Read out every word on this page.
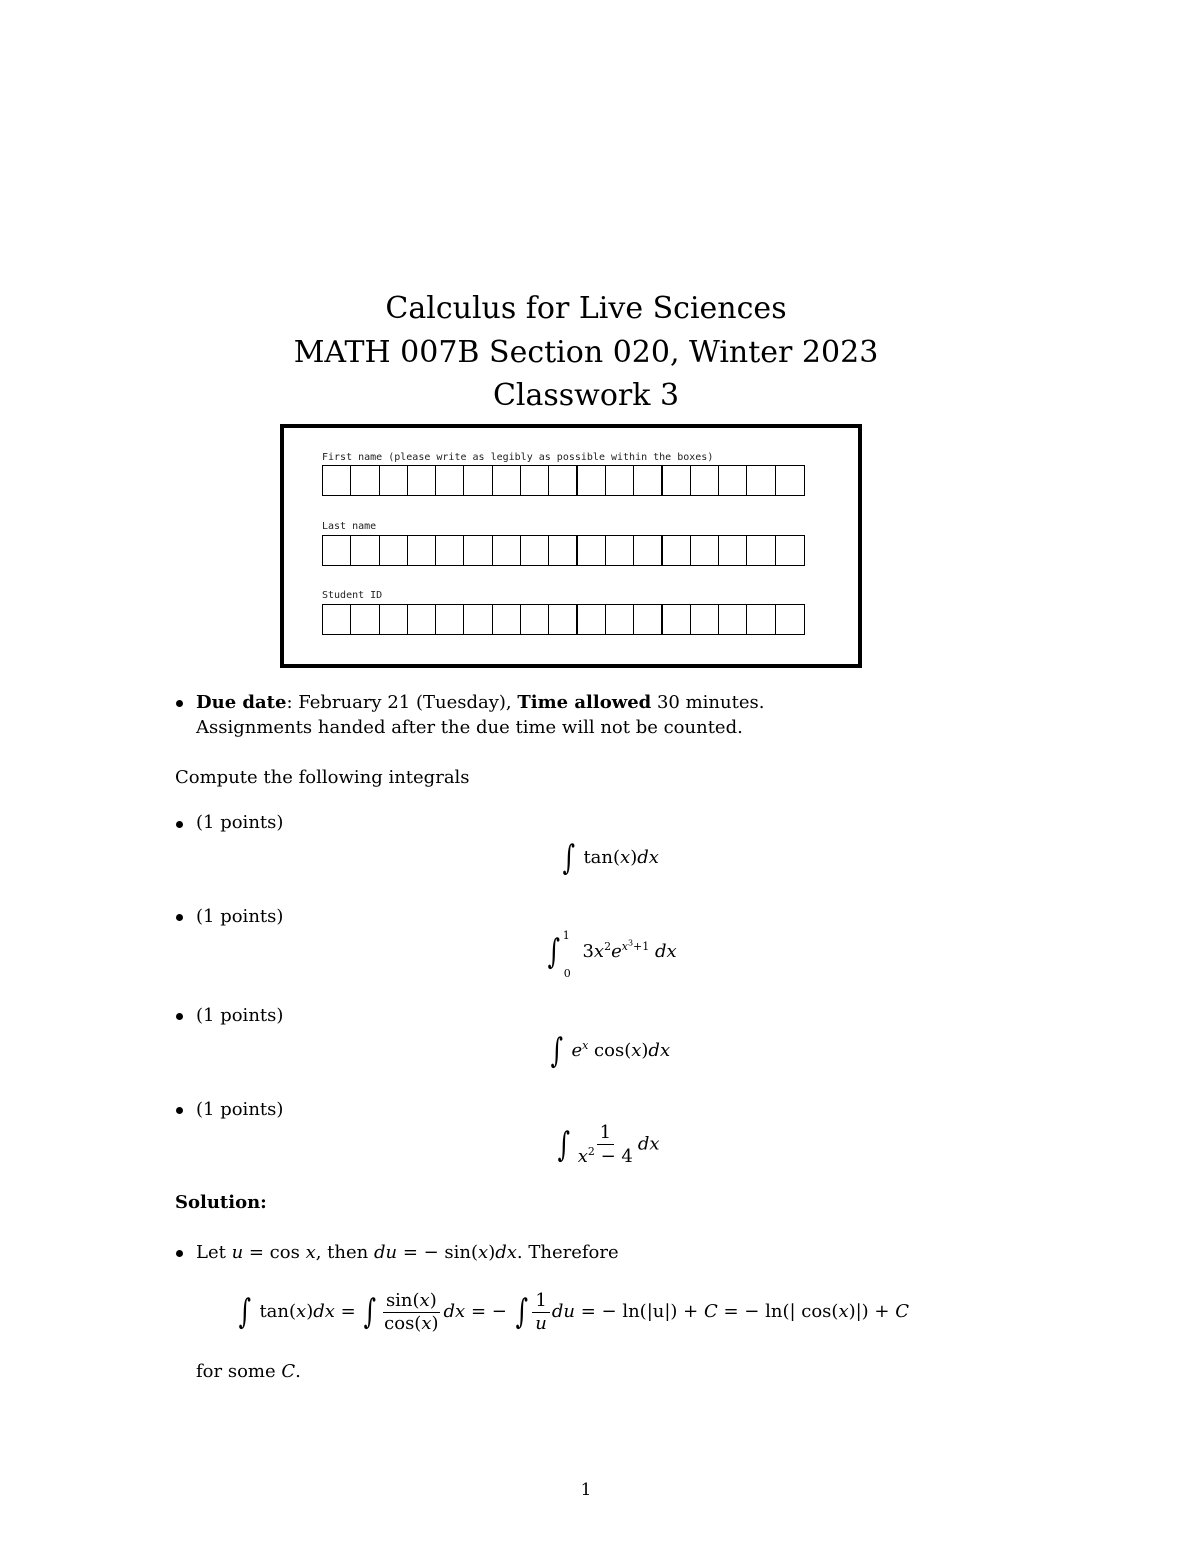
Calculus for Live Sciences
MATH 007B Section 020, Winter 2023
Classwork 3
First name (please write as legibly as possible within the boxes)
Last name
Student ID
Due date: February 21 (Tuesday), Time allowed 30 minutes.
Assignments handed after the due time will not be counted.
Compute the following integrals
(1 points)
∫ tan(x)dx
(1 points)
∫ $^1_0$ $3x^2e^{x^3+1}$ dx
(1 points)
∫ $e^x$ cos(x)dx
(1 points)
∫ $\frac{1}{x^2 - 4}$ dx
Solution:
Let u = cos x, then du = − sin(x)dx. Therefore
∫ tan(x)dx = ∫ $\frac{\sin(x)}{\cos(x)}$ dx = − ∫ $\frac{1}{u}$ du = − ln(|u|) + C = − ln(| cos(x)|) + C
for some C.
1
